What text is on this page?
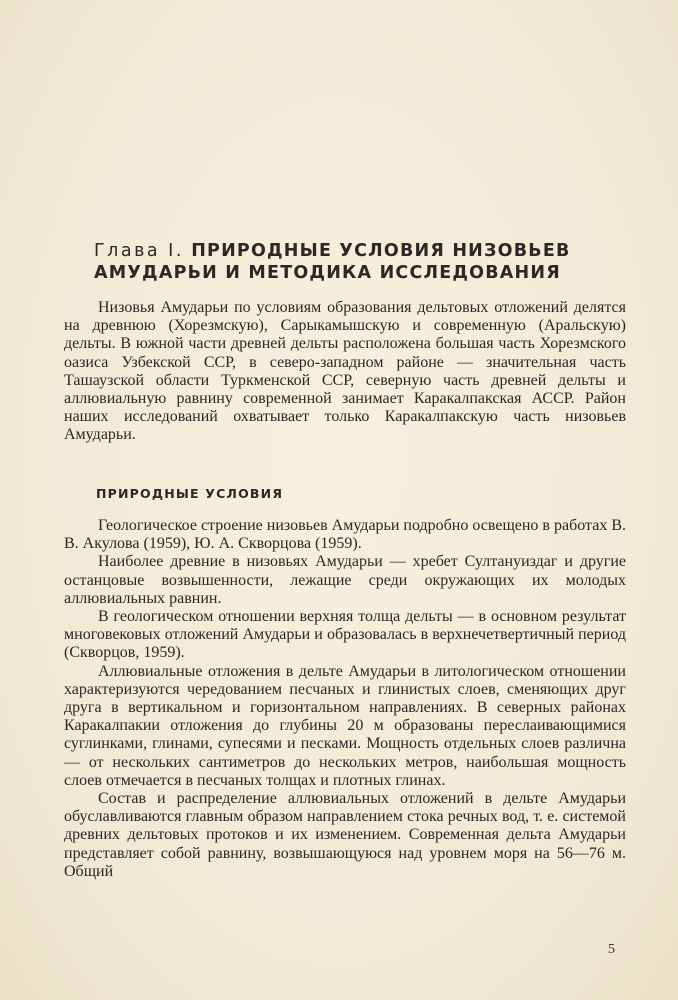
Глава I. ПРИРОДНЫЕ УСЛОВИЯ НИЗОВЬЕВ
АМУДАРЬИ И МЕТОДИКА ИССЛЕДОВАНИЯ

Низовья Амударьи по условиям образования дельтовых отложений делятся на древнюю (Хорезмскую), Сарыкамышскую и современную (Аральскую) дельты. В южной части древней дельты расположена большая часть Хорезмского оазиса Узбекской ССР, в северо-западном районе — значительная часть Ташаузской области Туркменской ССР, северную часть древней дельты и аллювиальную равнину современной занимает Каракалпакская АССР. Район наших исследований охватывает только Каракалпакскую часть низовьев Амударьи.

ПРИРОДНЫЕ УСЛОВИЯ

Геологическое строение низовьев Амударьи подробно освещено в работах В. В. Акулова (1959), Ю. А. Скворцова (1959).

Наиболее древние в низовьях Амударьи — хребет Султануиздаг и другие останцовые возвышенности, лежащие среди окружающих их молодых аллювиальных равнин.

В геологическом отношении верхняя толща дельты — в основном результат многовековых отложений Амударьи и образовалась в верхнечетвертичный период (Скворцов, 1959).

Аллювиальные отложения в дельте Амударьи в литологическом отношении характеризуются чередованием песчаных и глинистых слоев, сменяющих друг друга в вертикальном и горизонтальном направлениях. В северных районах Каракалпакии отложения до глубины 20 м образованы переслаивающимися суглинками, глинами, супесями и песками. Мощность отдельных слоев различна — от нескольких сантиметров до нескольких метров, наибольшая мощность слоев отмечается в песчаных толщах и плотных глинах.

Состав и распределение аллювиальных отложений в дельте Амударьи обуславливаются главным образом направлением стока речных вод, т. е. системой древних дельтовых протоков и их изменением. Современная дельта Амударьи представляет собой равнину, возвышающуюся над уровнем моря на 56—76 м. Общий

5
